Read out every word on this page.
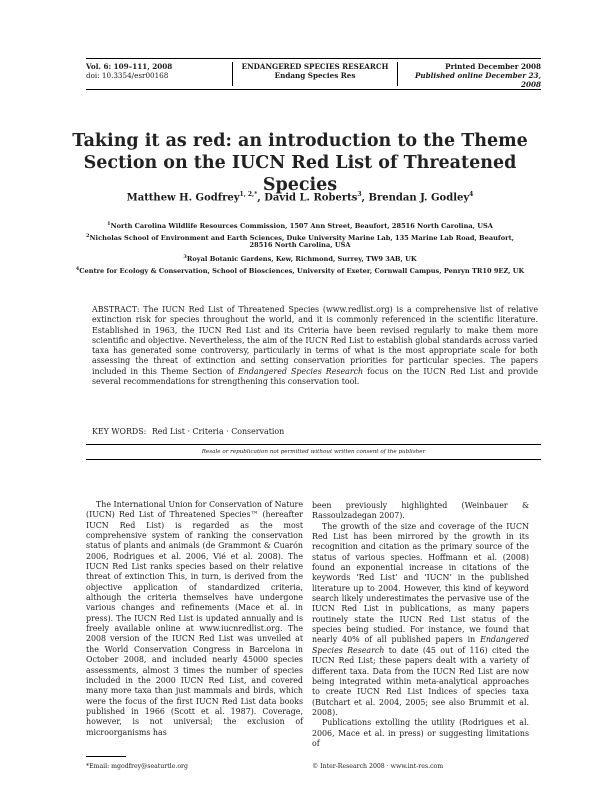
Vol. 6: 109–111, 2008
doi: 10.3354/esr00168
ENDANGERED SPECIES RESEARCH
Endang Species Res
Printed December 2008
Published online December 23, 2008
Taking it as red: an introduction to the Theme
Section on the IUCN Red List of Threatened Species
Matthew H. Godfrey$^{1, 2,*}$, David L. Roberts$^3$, Brendan J. Godley$^4$
$^1$North Carolina Wildlife Resources Commission, 1507 Ann Street, Beaufort, 28516 North Carolina, USA
$^2$Nicholas School of Environment and Earth Sciences, Duke University Marine Lab, 135 Marine Lab Road, Beaufort,
28516 North Carolina, USA
$^3$Royal Botanic Gardens, Kew, Richmond, Surrey, TW9 3AB, UK
$^4$Centre for Ecology & Conservation, School of Biosciences, University of Exeter, Cornwall Campus, Penryn TR10 9EZ, UK
ABSTRACT: The IUCN Red List of Threatened Species (www.redlist.org) is a comprehensive list of relative extinction risk for species throughout the world, and it is commonly referenced in the scientific literature. Established in 1963, the IUCN Red List and its Criteria have been revised regularly to make them more scientific and objective. Nevertheless, the aim of the IUCN Red List to establish global standards across varied taxa has generated some controversy, particularly in terms of what is the most appropriate scale for both assessing the threat of extinction and setting conservation priorities for particular species. The papers included in this Theme Section of Endangered Species Research focus on the IUCN Red List and provide several recommendations for strengthening this conservation tool.
KEY WORDS: Red List · Criteria · Conservation
Resale or republication not permitted without written consent of the publisher

The International Union for Conservation of Nature (IUCN) Red List of Threatened Species™ (hereafter IUCN Red List) is regarded as the most comprehensive system of ranking the conservation status of plants and animals (de Grammont & Cuarón 2006, Rodrigues et al. 2006, Vié et al. 2008). The IUCN Red List ranks species based on their relative threat of extinction This, in turn, is derived from the objective application of standardized criteria, although the criteria themselves have undergone various changes and refinements (Mace et al. in press). The IUCN Red List is updated annually and is freely available online at www.iucnredlist.org. The 2008 version of the IUCN Red List was unveiled at the World Conservation Congress in Barcelona in October 2008, and included nearly 45000 species assessments, almost 3 times the number of species included in the 2000 IUCN Red List, and covered many more taxa than just mammals and birds, which were the focus of the first IUCN Red List data books published in 1966 (Scott et al. 1987). Coverage, however, is not universal; the exclusion of microorganisms has

been previously highlighted (Weinbauer & Rassoulzadegan 2007).

The growth of the size and coverage of the IUCN Red List has been mirrored by the growth in its recognition and citation as the primary source of the status of various species. Hoffmann et al. (2008) found an exponential increase in citations of the keywords ‘Red List’ and ‘IUCN’ in the published literature up to 2004. However, this kind of keyword search likely underestimates the pervasive use of the IUCN Red List in publications, as many papers routinely state the IUCN Red List status of the species being studied. For instance, we found that nearly 40% of all published papers in Endangered Species Research to date (45 out of 116) cited the IUCN Red List; these papers dealt with a variety of different taxa. Data from the IUCN Red List are now being integrated within meta-analytical approaches to create IUCN Red List Indices of species taxa (Butchart et al. 2004, 2005; see also Brummit et al. 2008).

Publications extolling the utility (Rodrigues et al. 2006, Mace et al. in press) or suggesting limitations of

*Email: mgodfrey@seaturtle.org	© Inter-Research 2008 · www.int-res.com
